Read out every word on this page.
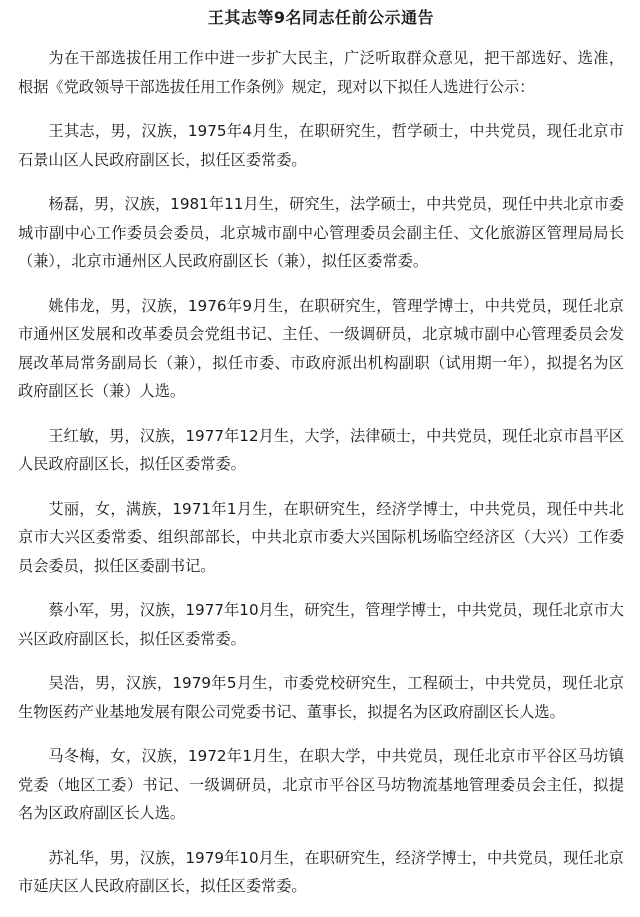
王其志等9名同志任前公示通告

为在干部选拔任用工作中进一步扩大民主，广泛听取群众意见，把干部选好、选准，根据《党政领导干部选拔任用工作条例》规定，现对以下拟任人选进行公示：

王其志，男，汉族，1975年4月生，在职研究生，哲学硕士，中共党员，现任北京市石景山区人民政府副区长，拟任区委常委。

杨磊，男，汉族，1981年11月生，研究生，法学硕士，中共党员，现任中共北京市委城市副中心工作委员会委员，北京城市副中心管理委员会副主任、文化旅游区管理局局长（兼），北京市通州区人民政府副区长（兼），拟任区委常委。

姚伟龙，男，汉族，1976年9月生，在职研究生，管理学博士，中共党员，现任北京市通州区发展和改革委员会党组书记、主任、一级调研员，北京城市副中心管理委员会发展改革局常务副局长（兼），拟任市委、市政府派出机构副职（试用期一年），拟提名为区政府副区长（兼）人选。

王红敏，男，汉族，1977年12月生，大学，法律硕士，中共党员，现任北京市昌平区人民政府副区长，拟任区委常委。

艾丽，女，满族，1971年1月生，在职研究生，经济学博士，中共党员，现任中共北京市大兴区委常委、组织部部长，中共北京市委大兴国际机场临空经济区（大兴）工作委员会委员，拟任区委副书记。

蔡小军，男，汉族，1977年10月生，研究生，管理学博士，中共党员，现任北京市大兴区政府副区长，拟任区委常委。

吴浩，男，汉族，1979年5月生，市委党校研究生，工程硕士，中共党员，现任北京生物医药产业基地发展有限公司党委书记、董事长，拟提名为区政府副区长人选。

马冬梅，女，汉族，1972年1月生，在职大学，中共党员，现任北京市平谷区马坊镇党委（地区工委）书记、一级调研员，北京市平谷区马坊物流基地管理委员会主任，拟提名为区政府副区长人选。

苏礼华，男，汉族，1979年10月生，在职研究生，经济学博士，中共党员，现任北京市延庆区人民政府副区长，拟任区委常委。
